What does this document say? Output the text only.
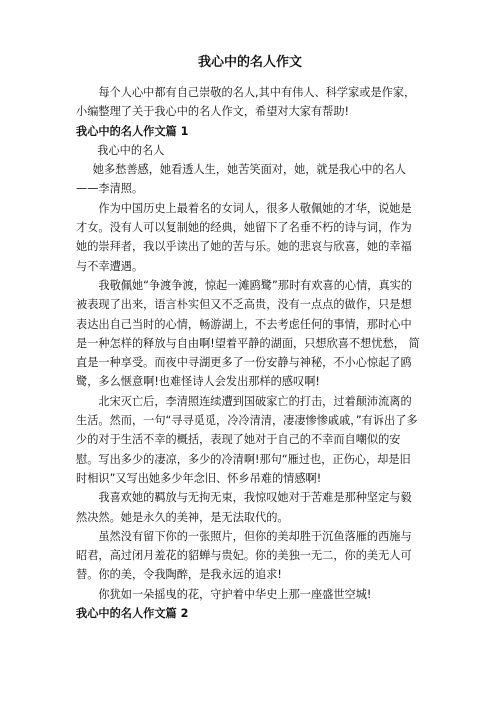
我心中的名人作文

每个人心中都有自己崇敬的名人,其中有伟人、科学家或是作家，小编整理了关于我心中的名人作文，希望对大家有帮助!

我心中的名人作文篇 1

我心中的名人

她多愁善感，她看透人生，她苦笑面对，她，就是我心中的名人——李清照。

作为中国历史上最着名的女词人，很多人敬佩她的才华，说她是才女。没有人可以复制她的经典，她留下了名垂不朽的诗与词，作为她的崇拜者，我以乎读出了她的苦与乐。她的悲哀与欣喜，她的幸福与不幸遭遇。

我敬佩她“争渡争渡，惊起一滩鸥鹭”那时有欢喜的心情，真实的被表现了出来，语言朴实但又不乏高贵，没有一点点的做作，只是想表达出自己当时的心情，畅游湖上，不去考虑任何的事情，那时心中是一种怎样的释放与自由啊!望着平静的湖面，只想欣喜不想忧愁， 简直是一种享受。而夜中寻湖更多了一份安静与神秘，不小心惊起了鸥鹭，多么惬意啊!也难怪诗人会发出那样的感叹啊!

北宋灭亡后，李清照连续遭到国破家亡的打击，过着颠沛流离的生活。然而，一句“寻寻觅觅，冷冷清清，凄凄惨惨戚戚，”有诉出了多少的对于生活不幸的概括，表现了她对于自己的不幸而自嘲似的安慰。写出多少的凄凉，多少的冷清啊!那句“雁过也，正伤心，却是旧时相识”又写出她多少年念旧、怀乡吊难的情感啊!

我喜欢她的羁放与无拘无束，我惊叹她对于苦难是那种坚定与毅然决然。她是永久的美神，是无法取代的。

虽然没有留下你的一张照片，但你的美却胜于沉鱼落雁的西施与昭君，高过闭月羞花的貂蝉与贵妃。你的美独一无二，你的美无人可替。你的美，令我陶醉，是我永远的追求!

你犹如一朵摇曳的花，守护着中华史上那一座盛世空城!

我心中的名人作文篇 2
